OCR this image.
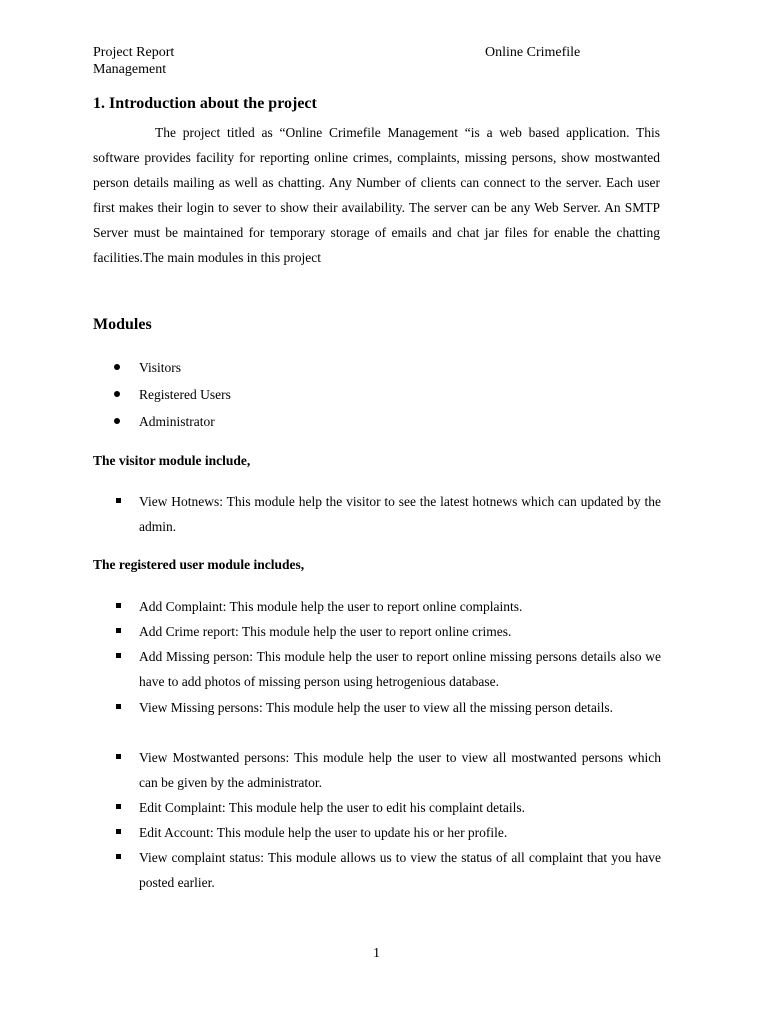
Project Report	Online Crimefile
Management
1. Introduction about the project
The project titled as “Online Crimefile Management “is a web based application. This software provides facility for reporting online crimes, complaints, missing persons, show mostwanted person details mailing as well as chatting. Any Number of clients can connect to the server. Each user first makes their login to sever to show their availability. The server can be any Web Server. An SMTP Server must be maintained for temporary storage of emails and chat jar files for enable the chatting facilities.The main modules in this project
Modules
Visitors
Registered Users
Administrator
The visitor module include,
View Hotnews: This module help the visitor to see the latest hotnews which can updated by the admin.
The registered user module includes,
Add Complaint: This module help the user to report online complaints.
Add Crime report: This module help the user to report online crimes.
Add Missing person: This module help the user to report online missing persons details also we have to add photos of missing person using hetrogenious database.
View Missing persons: This module help the user to view all the missing person details.
View Mostwanted persons: This module help the user to view all mostwanted persons which can be given by the administrator.
Edit Complaint: This module help the user to edit his complaint details.
Edit Account: This module help the user to update his or her profile.
View complaint status: This module allows us to view the status of all complaint that you have posted earlier.
1
